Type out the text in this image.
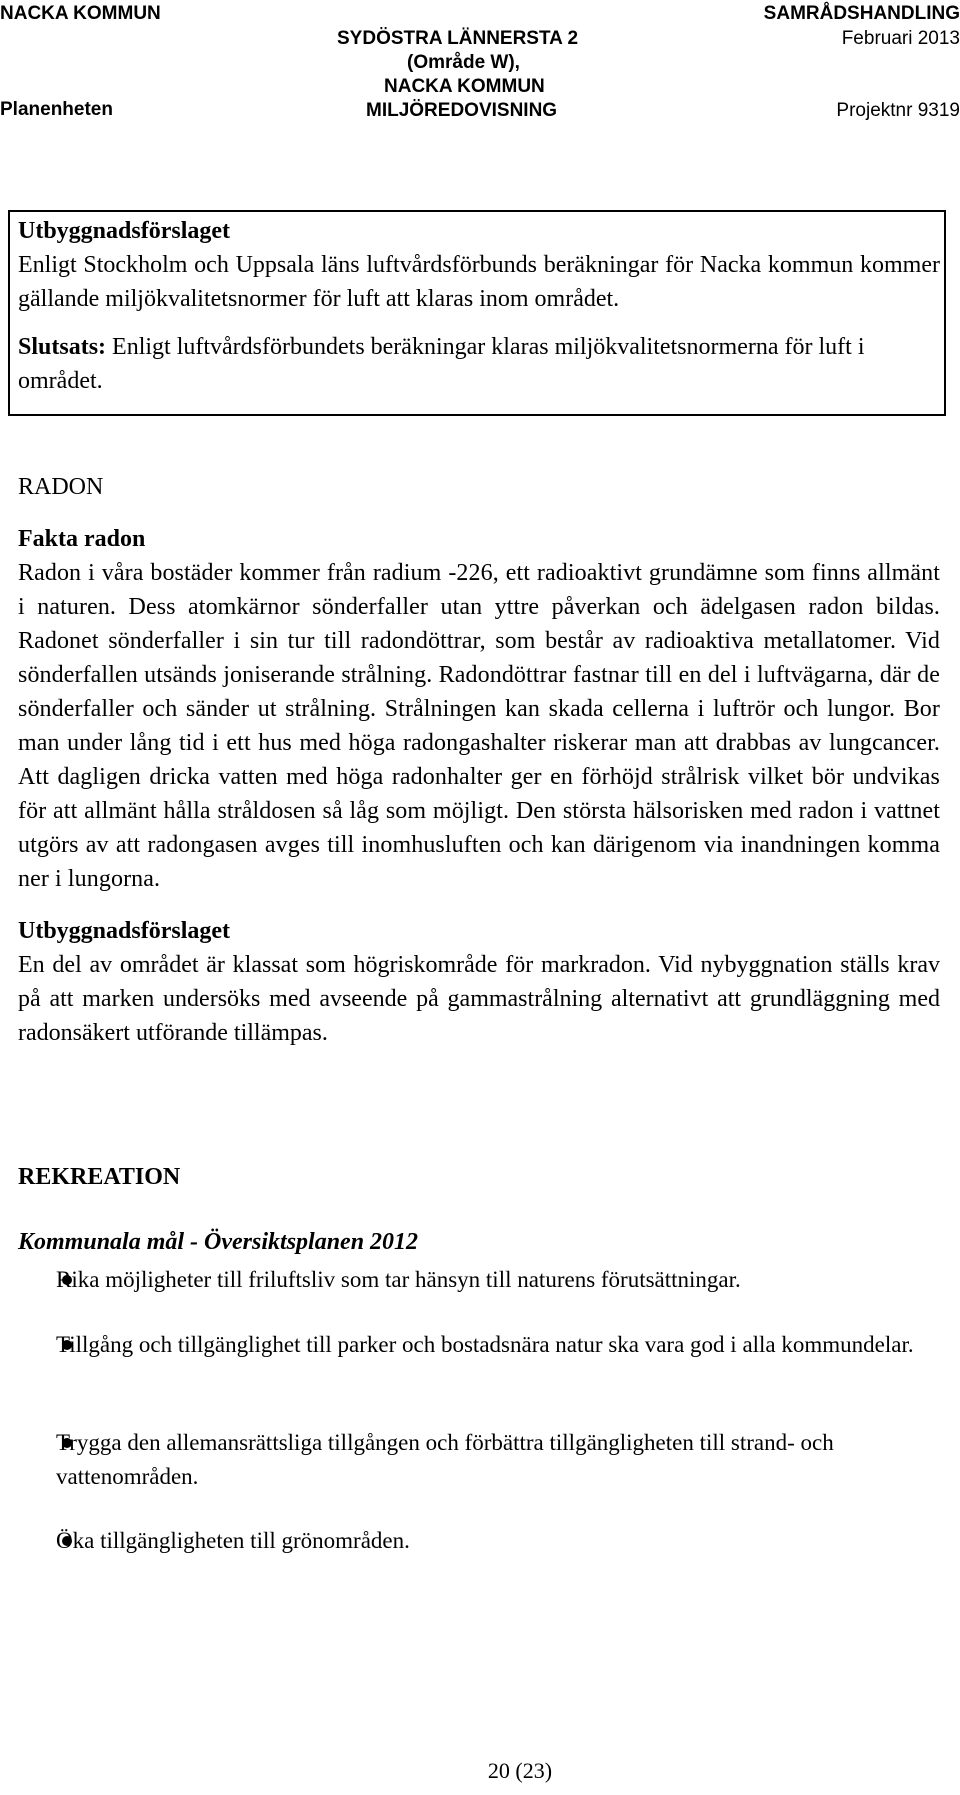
NACKA KOMMUN
Planenheten
SYDÖSTRA LÄNNERSTA 2
(Område W),
NACKA KOMMUN
MILJÖREDOVISNING
SAMRÅDSHANDLING
Februari 2013
Projektnr 9319

Utbyggnadsförslaget

Enligt Stockholm och Uppsala läns luftvårdsförbunds beräkningar för Nacka kommun kommer gällande miljökvalitetsnormer för luft att klaras inom området.

Slutsats: Enligt luftvårdsförbundets beräkningar klaras miljökvalitetsnormerna för luft i området.

RADON

Fakta radon

Radon i våra bostäder kommer från radium -226, ett radioaktivt grundämne som finns allmänt i naturen. Dess atomkärnor sönderfaller utan yttre påverkan och ädelgasen radon bildas. Radonet sönderfaller i sin tur till radondöttrar, som består av radioaktiva metallatomer. Vid sönderfallen utsänds joniserande strålning. Radondöttrar fastnar till en del i luftvägarna, där de sönderfaller och sänder ut strålning. Strålningen kan skada cellerna i luftrör och lungor. Bor man under lång tid i ett hus med höga radongashalter riskerar man att drabbas av lungcancer. Att dagligen dricka vatten med höga radonhalter ger en förhöjd strålrisk vilket bör undvikas för att allmänt hålla stråldosen så låg som möjligt. Den största hälsorisken med radon i vattnet utgörs av att radongasen avges till inomhusluften och kan därigenom via inandningen komma ner i lungorna.

Utbyggnadsförslaget

En del av området är klassat som högriskområde för markradon. Vid nybyggnation ställs krav på att marken undersöks med avseende på gammastrålning alternativt att grundläggning med radonsäkert utförande tillämpas.

REKREATION

Kommunala mål - Översiktsplanen 2012
Rika möjligheter till friluftsliv som tar hänsyn till naturens förutsättningar.
Tillgång och tillgänglighet till parker och bostadsnära natur ska vara god i alla kommundelar.
Trygga den allemansrättsliga tillgången och förbättra tillgängligheten till strand- och vattenområden.
Öka tillgängligheten till grönområden.
20 (23)
